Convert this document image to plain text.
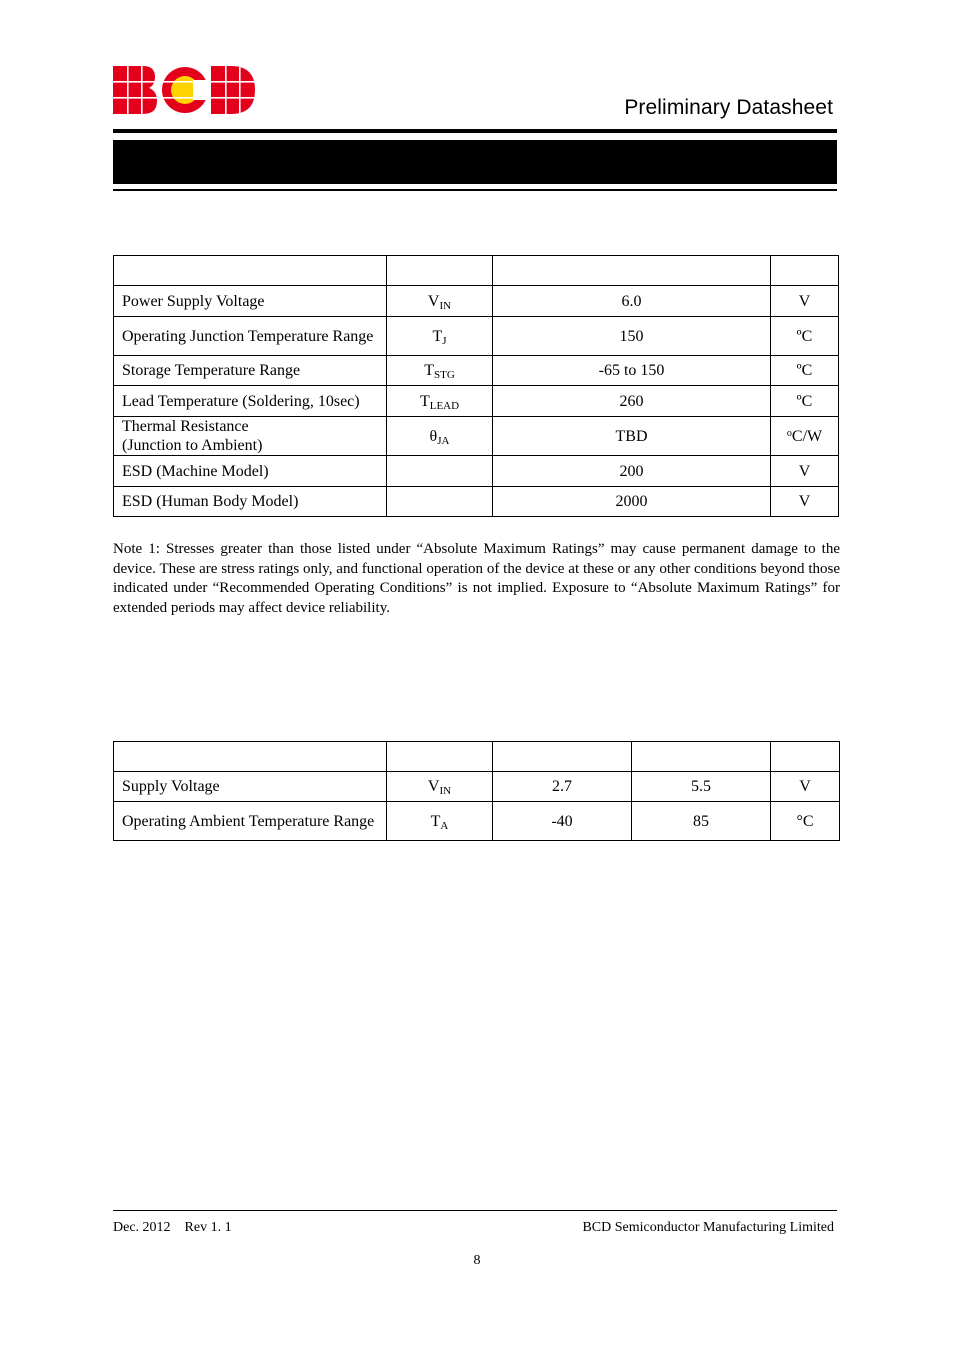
Preliminary Datasheet

Power Supply Voltage	$V_{IN}$	6.0	V
Operating Junction Temperature Range	$T_J$	150	ºC
Storage Temperature Range	$T_{STG}$	-65 to 150	ºC
Lead Temperature (Soldering, 10sec)	$T_{LEAD}$	260	ºC

Thermal Resistance
(Junction to Ambient)	$\theta_{JA}$	TBD	$^o$C/W
ESD (Machine Model)		200	V
ESD (Human Body Model)		2000	V
Note 1: Stresses greater than those listed under “Absolute Maximum Ratings” may cause permanent damage to the device. These are stress ratings only, and functional operation of the device at these or any other conditions beyond those indicated under “Recommended Operating Conditions” is not implied. Exposure to “Absolute Maximum Ratings” for extended periods may affect device reliability.

Supply Voltage	$V_{IN}$	2.7	5.5	V
Operating Ambient Temperature Range	$T_A$	-40	85	°C
Dec. 2012    Rev 1. 1	BCD Semiconductor Manufacturing Limited
8
